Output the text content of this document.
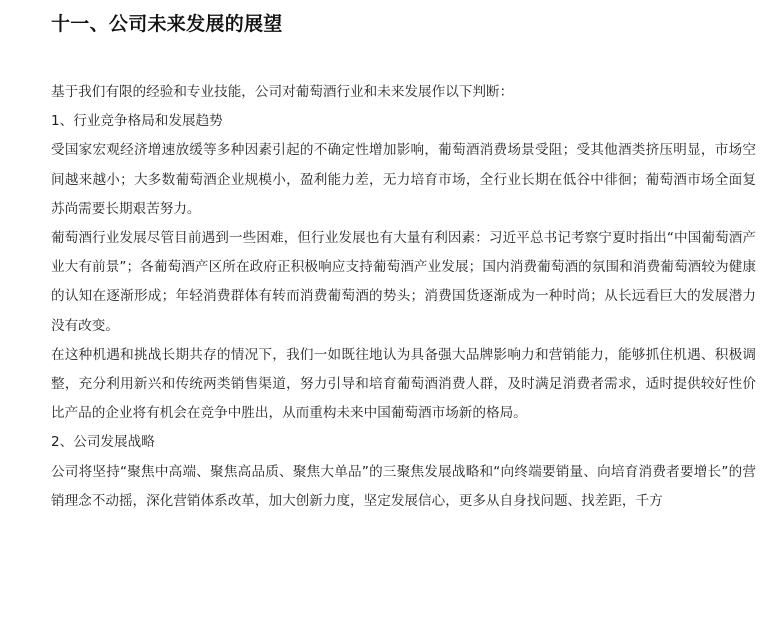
十一、公司未来发展的展望

基于我们有限的经验和专业技能，公司对葡萄酒行业和未来发展作以下判断：

1、行业竞争格局和发展趋势

受国家宏观经济增速放缓等多种因素引起的不确定性增加影响，葡萄酒消费场景受阻；受其他酒类挤压明显，市场空间越来越小；大多数葡萄酒企业规模小，盈利能力差，无力培育市场，全行业长期在低谷中徘徊；葡萄酒市场全面复苏尚需要长期艰苦努力。

葡萄酒行业发展尽管目前遇到一些困难，但行业发展也有大量有利因素：习近平总书记考察宁夏时指出“中国葡萄酒产业大有前景”；各葡萄酒产区所在政府正积极响应支持葡萄酒产业发展；国内消费葡萄酒的氛围和消费葡萄酒较为健康的认知在逐渐形成；年轻消费群体有转而消费葡萄酒的势头；消费国货逐渐成为一种时尚；从长远看巨大的发展潜力没有改变。

在这种机遇和挑战长期共存的情况下，我们一如既往地认为具备强大品牌影响力和营销能力，能够抓住机遇、积极调整，充分利用新兴和传统两类销售渠道，努力引导和培育葡萄酒消费人群，及时满足消费者需求，适时提供较好性价比产品的企业将有机会在竞争中胜出，从而重构未来中国葡萄酒市场新的格局。

2、公司发展战略

公司将坚持“聚焦中高端、聚焦高品质、聚焦大单品”的三聚焦发展战略和“向终端要销量、向培育消费者要增长”的营销理念不动摇，深化营销体系改革，加大创新力度，坚定发展信心，更多从自身找问题、找差距，千方
